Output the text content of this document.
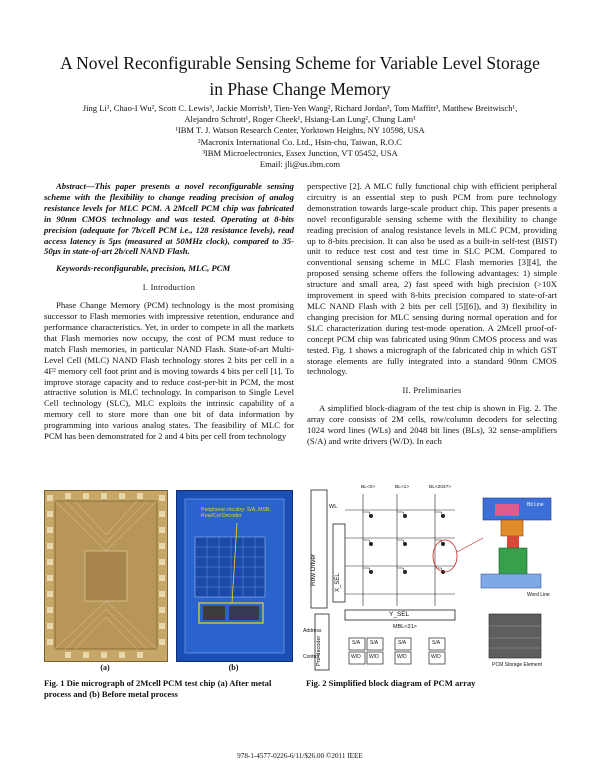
A Novel Reconfigurable Sensing Scheme for Variable Level Storage
in Phase Change Memory
Jing Li¹, Chao-I Wu², Scott C. Lewis³, Jackie Morrish³, Tien-Yen Wang², Richard Jordan³, Tom Maffitt³, Matthew Breitwisch¹,
Alejandro Schrott¹, Roger Cheek¹, Hsiang-Lan Lung², Chung Lam¹
¹IBM T. J. Watson Research Center, Yorktown Heights, NY 10598, USA
²Macronix International Co. Ltd., Hsin-chu, Taiwan, R.O.C
³IBM Microelectronics, Essex Junction, VT 05452, USA
Email: jli@us.ibm.com

Abstract—This paper presents a novel reconfigurable sensing scheme with the flexibility to change reading precision of analog resistance levels for MLC PCM. A 2Mcell PCM chip was fabricated in 90nm CMOS technology and was tested. Operating at 8-bits precision (adequate for 7b/cell PCM i.e., 128 resistance levels), read access latency is 5μs (measured at 50MHz clock), compared to 35-50μs in state-of-art 2b/cell NAND Flash.

Keywords-reconfigurable, precision, MLC, PCM

I. Introduction

Phase Change Memory (PCM) technology is the most promising successor to Flash memories with impressive retention, endurance and performance characteristics. Yet, in order to compete in all the markets that Flash memories now occupy, the cost of PCM must reduce to match Flash memories, in particular NAND Flash. State-of-art Multi-Level Cell (MLC) NAND Flash technology stores 2 bits per cell in a 4F² memory cell foot print and is moving towards 4 bits per cell [1]. To improve storage capacity and to reduce cost-per-bit in PCM, the most attractive solution is MLC technology. In comparison to Single Level Cell technology (SLC), MLC exploits the intrinsic capability of a memory cell to store more than one bit of data information by programming into various analog states. The feasibility of MLC for PCM has been demonstrated for 2 and 4 bits per cell from technology

perspective [2]. A MLC fully functional chip with efficient peripheral circuitry is an essential step to push PCM from pure technology demonstration towards large-scale product chip. This paper presents a novel reconfigurable sensing scheme with the flexibility to change reading precision of analog resistance levels in MLC PCM, providing up to 8-bits precision. It can also be used as a built-in self-test (BIST) unit to reduce test cost and test time in SLC PCM. Compared to conventional sensing scheme in MLC Flash memories [3][4], the proposed sensing scheme offers the following advantages: 1) simple structure and small area, 2) fast speed with high precision (>10X improvement in speed with 8-bits precision compared to state-of-art MLC NAND Flash with 2 bits per cell [5][6]), and 3) flexibility in changing precision for MLC sensing during normal operation and for SLC characterization during test-mode operation. A 2Mcell proof-of-concept PCM chip was fabricated using 90nm CMOS process and was tested. Fig. 1 shows a micrograph of the fabricated chip in which GST storage elements are fully integrated into a standard 90nm CMOS technology.

II. Preliminaries

A simplified block-diagram of the test chip is shown in Fig. 2. The array core consists of 2M cells, row/column decoders for selecting 1024 word lines (WLs) and 2048 bit lines (BLs), 32 sense-amplifiers (S/A) and write drivers (W/D). In each

Peripheral circuitry: S/A, MSB, Row/Col Decoder
(a)	(b)
Fig. 1 Die micrograph of 2Mcell PCM test chip (a) After metal process and (b) Before metal process
Row Driver	X_SEL
WL
Y_SEL
MBL<31>
Pre-decoder
Address
Control
BL<0>	BL<1>	BL<2047>
S/A S/A	S/A	S/A
W/D W/D	W/D	W/D
Bit Line
Word Line
PCM Storage Element
Fig. 2 Simplified block diagram of PCM array
978-1-4577-0226-6/11/$26.00 ©2011 IEEE
